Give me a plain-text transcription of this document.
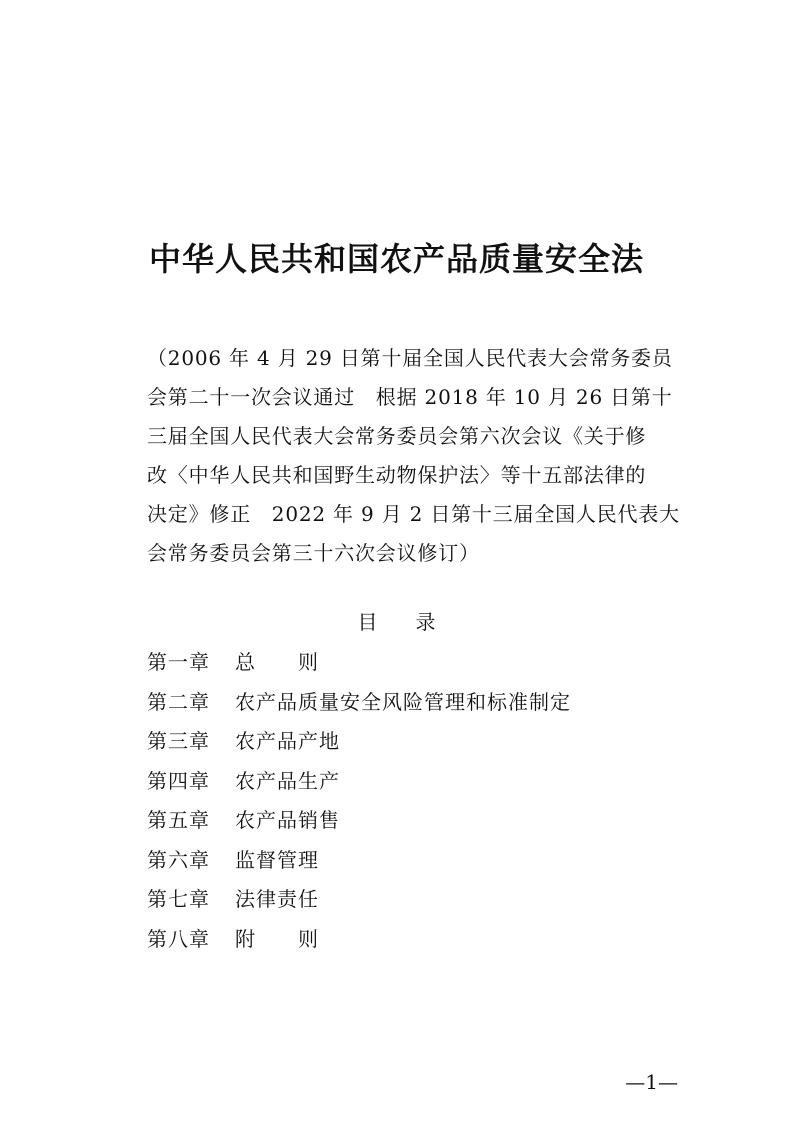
中华人民共和国农产品质量安全法
（2006 年 4 月 29 日第十届全国人民代表大会常务委员
会第二十一次会议通过　根据 2018 年 10 月 26 日第十
三届全国人民代表大会常务委员会第六次会议《关于修
改〈中华人民共和国野生动物保护法〉等十五部法律的
决定》修正　2022 年 9 月 2 日第十三届全国人民代表大
会常务委员会第三十六次会议修订）
目 录
第一章 总　　则
第二章 农产品质量安全风险管理和标准制定
第三章 农产品产地
第四章 农产品生产
第五章 农产品销售
第六章 监督管理
第七章 法律责任
第八章 附　　则
—1—
